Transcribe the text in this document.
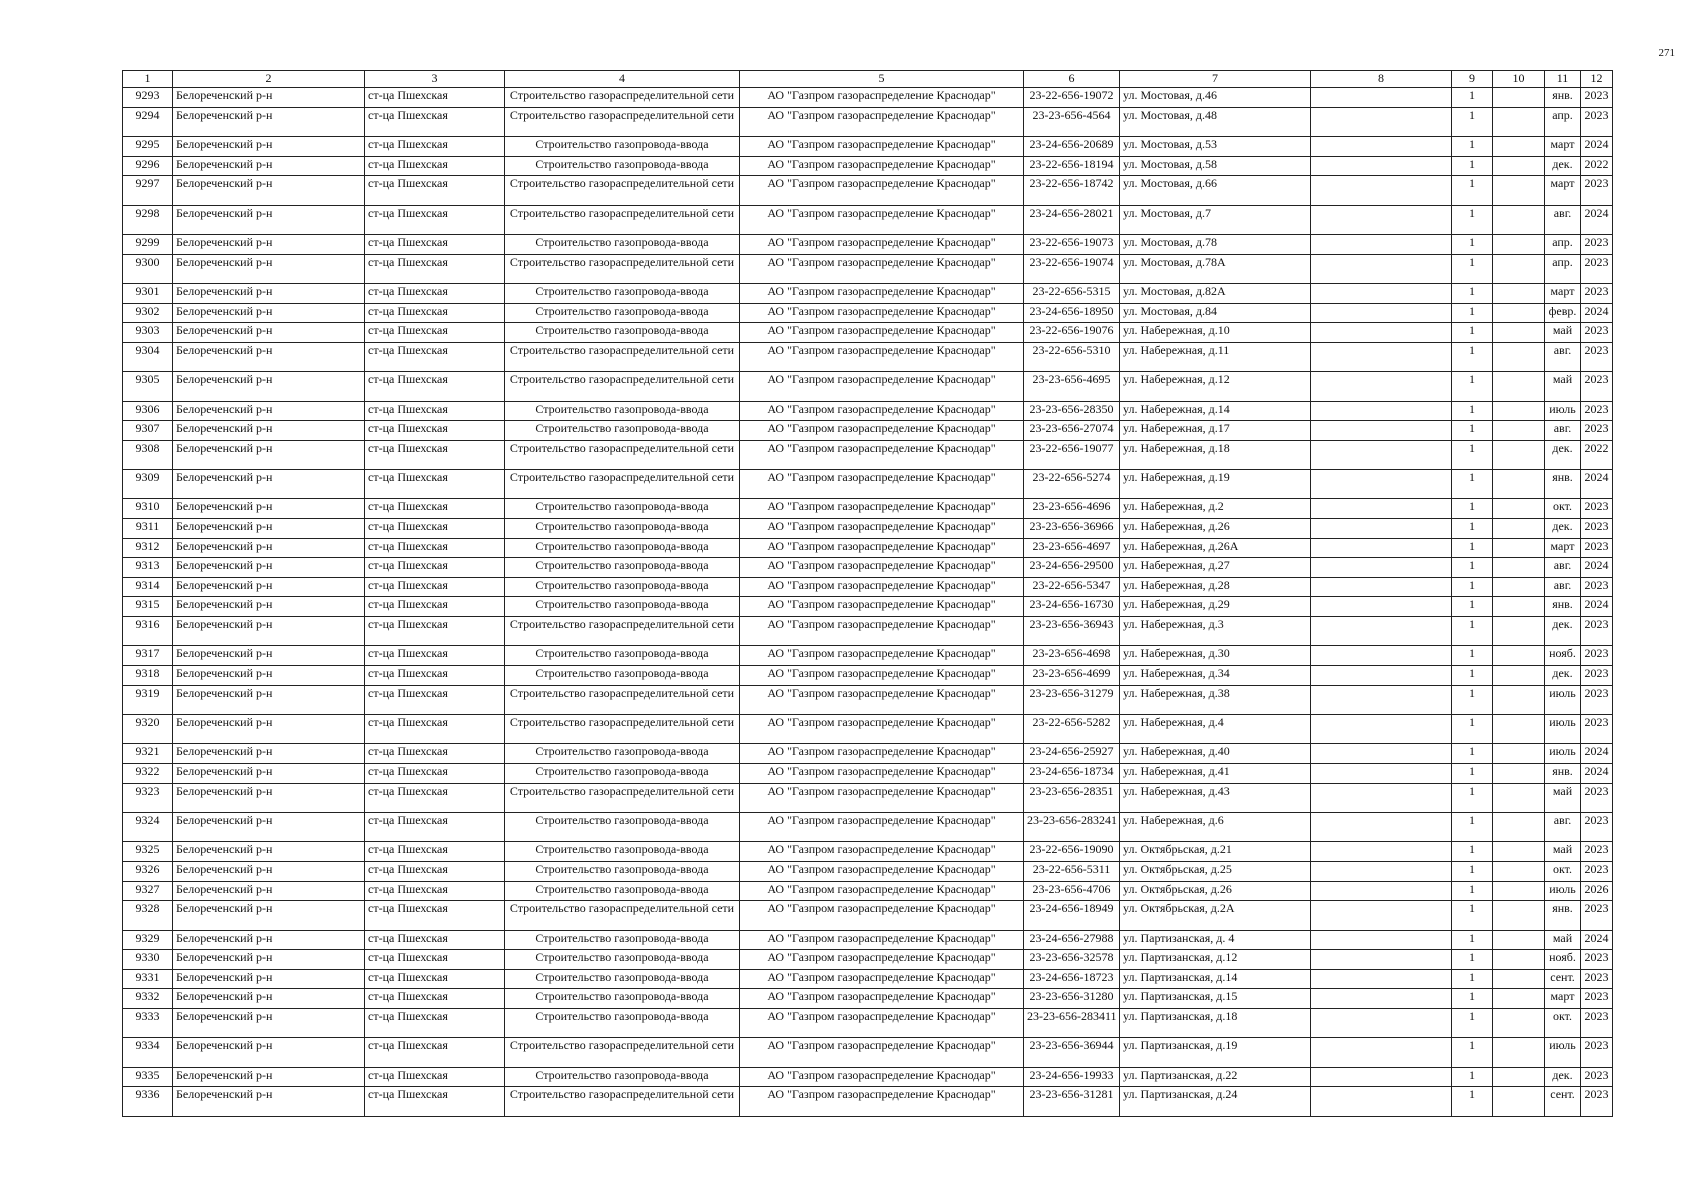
271
1	2	3	4	5	6	7	8	9	10	11	12
9293	Белореченский р-н	ст-ца Пшехская	Строительство газораспределительной сети	АО "Газпром газораспределение Краснодар"	23-22-656-19072	ул. Мостовая, д.46		1		янв.	2023
9294	Белореченский р-н	ст-ца Пшехская	Строительство газораспределительной сети	АО "Газпром газораспределение Краснодар"	23-23-656-4564	ул. Мостовая, д.48		1		апр.	2023
9295	Белореченский р-н	ст-ца Пшехская	Строительство газопровода-ввода	АО "Газпром газораспределение Краснодар"	23-24-656-20689	ул. Мостовая, д.53		1		март	2024
9296	Белореченский р-н	ст-ца Пшехская	Строительство газопровода-ввода	АО "Газпром газораспределение Краснодар"	23-22-656-18194	ул. Мостовая, д.58		1		дек.	2022
9297	Белореченский р-н	ст-ца Пшехская	Строительство газораспределительной сети	АО "Газпром газораспределение Краснодар"	23-22-656-18742	ул. Мостовая, д.66		1		март	2023
9298	Белореченский р-н	ст-ца Пшехская	Строительство газораспределительной сети	АО "Газпром газораспределение Краснодар"	23-24-656-28021	ул. Мостовая, д.7		1		авг.	2024
9299	Белореченский р-н	ст-ца Пшехская	Строительство газопровода-ввода	АО "Газпром газораспределение Краснодар"	23-22-656-19073	ул. Мостовая, д.78		1		апр.	2023
9300	Белореченский р-н	ст-ца Пшехская	Строительство газораспределительной сети	АО "Газпром газораспределение Краснодар"	23-22-656-19074	ул. Мостовая, д.78А		1		апр.	2023
9301	Белореченский р-н	ст-ца Пшехская	Строительство газопровода-ввода	АО "Газпром газораспределение Краснодар"	23-22-656-5315	ул. Мостовая, д.82А		1		март	2023
9302	Белореченский р-н	ст-ца Пшехская	Строительство газопровода-ввода	АО "Газпром газораспределение Краснодар"	23-24-656-18950	ул. Мостовая, д.84		1		февр.	2024
9303	Белореченский р-н	ст-ца Пшехская	Строительство газопровода-ввода	АО "Газпром газораспределение Краснодар"	23-22-656-19076	ул. Набережная, д.10		1		май	2023
9304	Белореченский р-н	ст-ца Пшехская	Строительство газораспределительной сети	АО "Газпром газораспределение Краснодар"	23-22-656-5310	ул. Набережная, д.11		1		авг.	2023
9305	Белореченский р-н	ст-ца Пшехская	Строительство газораспределительной сети	АО "Газпром газораспределение Краснодар"	23-23-656-4695	ул. Набережная, д.12		1		май	2023
9306	Белореченский р-н	ст-ца Пшехская	Строительство газопровода-ввода	АО "Газпром газораспределение Краснодар"	23-23-656-28350	ул. Набережная, д.14		1		июль	2023
9307	Белореченский р-н	ст-ца Пшехская	Строительство газопровода-ввода	АО "Газпром газораспределение Краснодар"	23-23-656-27074	ул. Набережная, д.17		1		авг.	2023
9308	Белореченский р-н	ст-ца Пшехская	Строительство газораспределительной сети	АО "Газпром газораспределение Краснодар"	23-22-656-19077	ул. Набережная, д.18		1		дек.	2022
9309	Белореченский р-н	ст-ца Пшехская	Строительство газораспределительной сети	АО "Газпром газораспределение Краснодар"	23-22-656-5274	ул. Набережная, д.19		1		янв.	2024
9310	Белореченский р-н	ст-ца Пшехская	Строительство газопровода-ввода	АО "Газпром газораспределение Краснодар"	23-23-656-4696	ул. Набережная, д.2		1		окт.	2023
9311	Белореченский р-н	ст-ца Пшехская	Строительство газопровода-ввода	АО "Газпром газораспределение Краснодар"	23-23-656-36966	ул. Набережная, д.26		1		дек.	2023
9312	Белореченский р-н	ст-ца Пшехская	Строительство газопровода-ввода	АО "Газпром газораспределение Краснодар"	23-23-656-4697	ул. Набережная, д.26А		1		март	2023
9313	Белореченский р-н	ст-ца Пшехская	Строительство газопровода-ввода	АО "Газпром газораспределение Краснодар"	23-24-656-29500	ул. Набережная, д.27		1		авг.	2024
9314	Белореченский р-н	ст-ца Пшехская	Строительство газопровода-ввода	АО "Газпром газораспределение Краснодар"	23-22-656-5347	ул. Набережная, д.28		1		авг.	2023
9315	Белореченский р-н	ст-ца Пшехская	Строительство газопровода-ввода	АО "Газпром газораспределение Краснодар"	23-24-656-16730	ул. Набережная, д.29		1		янв.	2024
9316	Белореченский р-н	ст-ца Пшехская	Строительство газораспределительной сети	АО "Газпром газораспределение Краснодар"	23-23-656-36943	ул. Набережная, д.3		1		дек.	2023
9317	Белореченский р-н	ст-ца Пшехская	Строительство газопровода-ввода	АО "Газпром газораспределение Краснодар"	23-23-656-4698	ул. Набережная, д.30		1		нояб.	2023
9318	Белореченский р-н	ст-ца Пшехская	Строительство газопровода-ввода	АО "Газпром газораспределение Краснодар"	23-23-656-4699	ул. Набережная, д.34		1		дек.	2023
9319	Белореченский р-н	ст-ца Пшехская	Строительство газораспределительной сети	АО "Газпром газораспределение Краснодар"	23-23-656-31279	ул. Набережная, д.38		1		июль	2023
9320	Белореченский р-н	ст-ца Пшехская	Строительство газораспределительной сети	АО "Газпром газораспределение Краснодар"	23-22-656-5282	ул. Набережная, д.4		1		июль	2023
9321	Белореченский р-н	ст-ца Пшехская	Строительство газопровода-ввода	АО "Газпром газораспределение Краснодар"	23-24-656-25927	ул. Набережная, д.40		1		июль	2024
9322	Белореченский р-н	ст-ца Пшехская	Строительство газопровода-ввода	АО "Газпром газораспределение Краснодар"	23-24-656-18734	ул. Набережная, д.41		1		янв.	2024
9323	Белореченский р-н	ст-ца Пшехская	Строительство газораспределительной сети	АО "Газпром газораспределение Краснодар"	23-23-656-28351	ул. Набережная, д.43		1		май	2023
9324	Белореченский р-н	ст-ца Пшехская	Строительство газопровода-ввода	АО "Газпром газораспределение Краснодар"	23-23-656-283241	ул. Набережная, д.6		1		авг.	2023
9325	Белореченский р-н	ст-ца Пшехская	Строительство газопровода-ввода	АО "Газпром газораспределение Краснодар"	23-22-656-19090	ул. Октябрьская, д.21		1		май	2023
9326	Белореченский р-н	ст-ца Пшехская	Строительство газопровода-ввода	АО "Газпром газораспределение Краснодар"	23-22-656-5311	ул. Октябрьская, д.25		1		окт.	2023
9327	Белореченский р-н	ст-ца Пшехская	Строительство газопровода-ввода	АО "Газпром газораспределение Краснодар"	23-23-656-4706	ул. Октябрьская, д.26		1		июль	2026
9328	Белореченский р-н	ст-ца Пшехская	Строительство газораспределительной сети	АО "Газпром газораспределение Краснодар"	23-24-656-18949	ул. Октябрьская, д.2А		1		янв.	2023
9329	Белореченский р-н	ст-ца Пшехская	Строительство газопровода-ввода	АО "Газпром газораспределение Краснодар"	23-24-656-27988	ул. Партизанская, д. 4		1		май	2024
9330	Белореченский р-н	ст-ца Пшехская	Строительство газопровода-ввода	АО "Газпром газораспределение Краснодар"	23-23-656-32578	ул. Партизанская, д.12		1		нояб.	2023
9331	Белореченский р-н	ст-ца Пшехская	Строительство газопровода-ввода	АО "Газпром газораспределение Краснодар"	23-24-656-18723	ул. Партизанская, д.14		1		сент.	2023
9332	Белореченский р-н	ст-ца Пшехская	Строительство газопровода-ввода	АО "Газпром газораспределение Краснодар"	23-23-656-31280	ул. Партизанская, д.15		1		март	2023
9333	Белореченский р-н	ст-ца Пшехская	Строительство газопровода-ввода	АО "Газпром газораспределение Краснодар"	23-23-656-283411	ул. Партизанская, д.18		1		окт.	2023
9334	Белореченский р-н	ст-ца Пшехская	Строительство газораспределительной сети	АО "Газпром газораспределение Краснодар"	23-23-656-36944	ул. Партизанская, д.19		1		июль	2023
9335	Белореченский р-н	ст-ца Пшехская	Строительство газопровода-ввода	АО "Газпром газораспределение Краснодар"	23-24-656-19933	ул. Партизанская, д.22		1		дек.	2023
9336	Белореченский р-н	ст-ца Пшехская	Строительство газораспределительной сети	АО "Газпром газораспределение Краснодар"	23-23-656-31281	ул. Партизанская, д.24		1		сент.	2023
